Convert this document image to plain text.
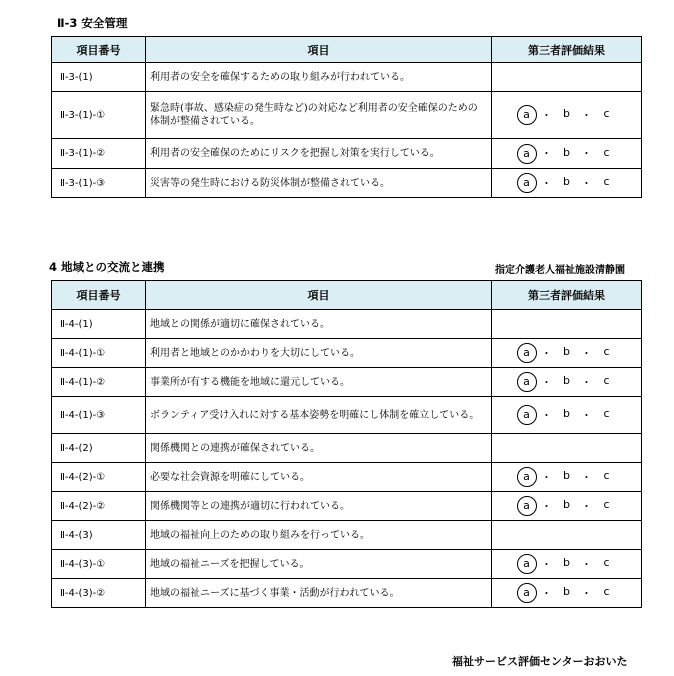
Ⅱ-3 安全管理
項目番号	項目	第三者評価結果
Ⅱ-3-(1)	利用者の安全を確保するための取り組みが行われている。	
Ⅱ-3-(1)-①	緊急時(事故、感染症の発生時など)の対応など利用者の安全確保のための体制が整備されている。	a ・ b ・ c
Ⅱ-3-(1)-②	利用者の安全確保のためにリスクを把握し対策を実行している。	a ・ b ・ c
Ⅱ-3-(1)-③	災害等の発生時における防災体制が整備されている。	a ・ b ・ c
4 地域との交流と連携	指定介護老人福祉施設清静園
項目番号	項目	第三者評価結果
Ⅱ-4-(1)	地域との関係が適切に確保されている。	
Ⅱ-4-(1)-①	利用者と地域とのかかわりを大切にしている。	a ・ b ・ c
Ⅱ-4-(1)-②	事業所が有する機能を地域に還元している。	a ・ b ・ c
Ⅱ-4-(1)-③	ボランティア受け入れに対する基本姿勢を明確にし体制を確立している。	a ・ b ・ c
Ⅱ-4-(2)	関係機関との連携が確保されている。	
Ⅱ-4-(2)-①	必要な社会資源を明確にしている。	a ・ b ・ c
Ⅱ-4-(2)-②	関係機関等との連携が適切に行われている。	a ・ b ・ c
Ⅱ-4-(3)	地域の福祉向上のための取り組みを行っている。	
Ⅱ-4-(3)-①	地域の福祉ニーズを把握している。	a ・ b ・ c
Ⅱ-4-(3)-②	地域の福祉ニーズに基づく事業・活動が行われている。	a ・ b ・ c
福祉サービス評価センターおおいた
